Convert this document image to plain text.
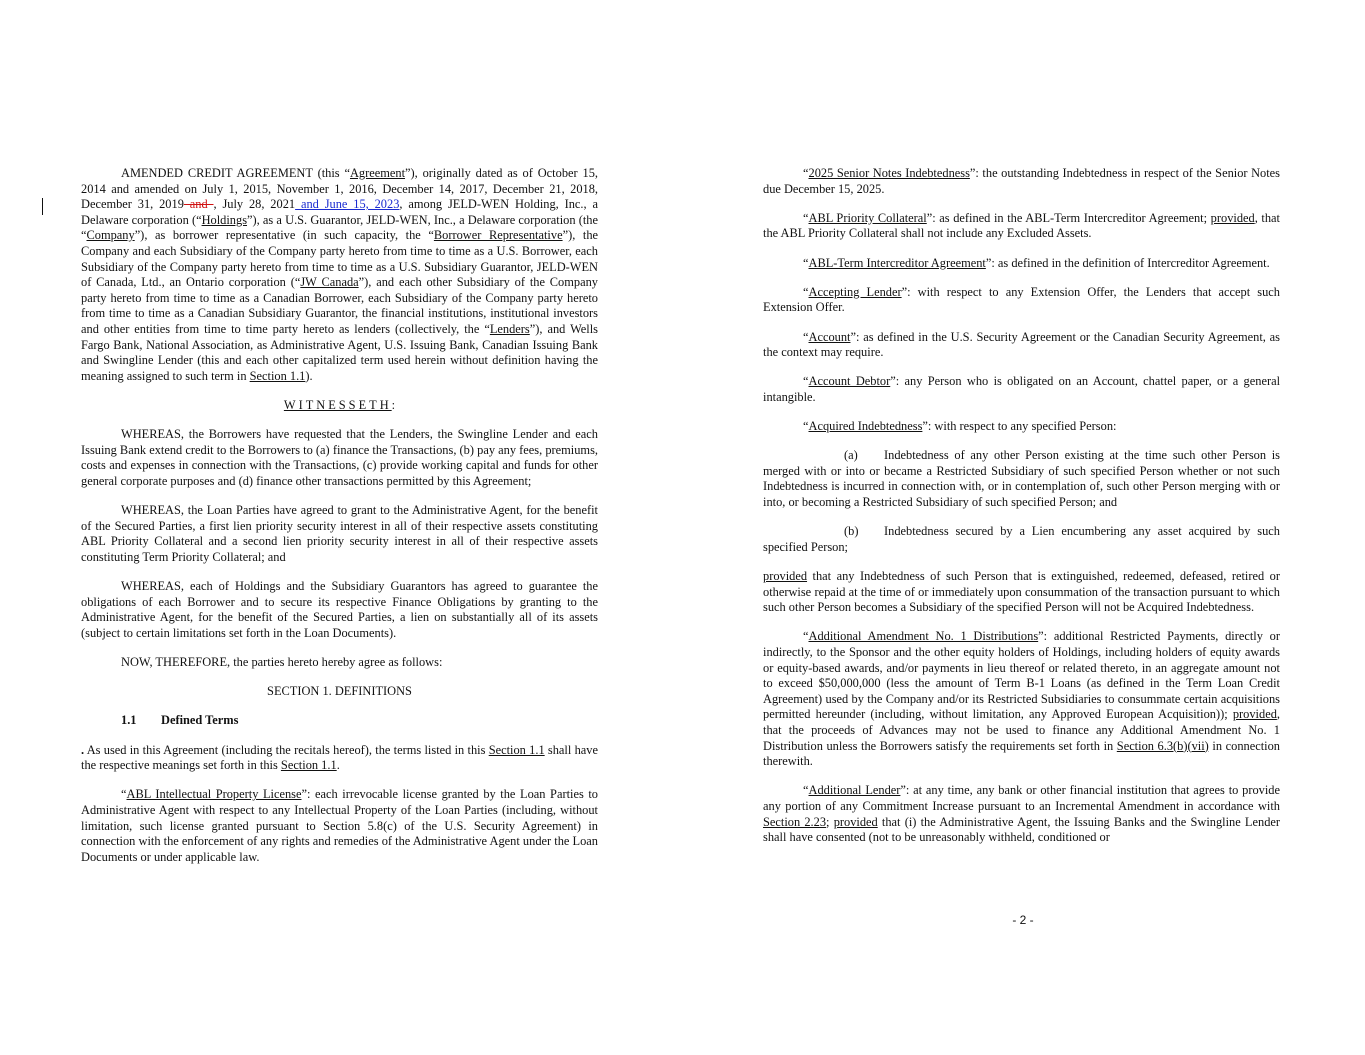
AMENDED CREDIT AGREEMENT (this “Agreement”), originally dated as of October 15, 2014 and amended on July 1, 2015, November 1, 2016, December 14, 2017, December 21, 2018, December 31, 2019 and , July 28, 2021 and June 15, 2023, among JELD-WEN Holding, Inc., a Delaware corporation (“Holdings”), as a U.S. Guarantor, JELD-WEN, Inc., a Delaware corporation (the “Company”), as borrower representative (in such capacity, the “Borrower Representative”), the Company and each Subsidiary of the Company party hereto from time to time as a U.S. Borrower, each Subsidiary of the Company party hereto from time to time as a U.S. Subsidiary Guarantor, JELD-WEN of Canada, Ltd., an Ontario corporation (“JW Canada”), and each other Subsidiary of the Company party hereto from time to time as a Canadian Borrower, each Subsidiary of the Company party hereto from time to time as a Canadian Subsidiary Guarantor, the financial institutions, institutional investors and other entities from time to time party hereto as lenders (collectively, the “Lenders”), and Wells Fargo Bank, National Association, as Administrative Agent, U.S. Issuing Bank, Canadian Issuing Bank and Swingline Lender (this and each other capitalized term used herein without definition having the meaning assigned to such term in Section 1.1).

WITNESSETH:

WHEREAS, the Borrowers have requested that the Lenders, the Swingline Lender and each Issuing Bank extend credit to the Borrowers to (a) finance the Transactions, (b) pay any fees, premiums, costs and expenses in connection with the Transactions, (c) provide working capital and funds for other general corporate purposes and (d) finance other transactions permitted by this Agreement;

WHEREAS, the Loan Parties have agreed to grant to the Administrative Agent, for the benefit of the Secured Parties, a first lien priority security interest in all of their respective assets constituting ABL Priority Collateral and a second lien priority security interest in all of their respective assets constituting Term Priority Collateral; and

WHEREAS, each of Holdings and the Subsidiary Guarantors has agreed to guarantee the obligations of each Borrower and to secure its respective Finance Obligations by granting to the Administrative Agent, for the benefit of the Secured Parties, a lien on substantially all of its assets (subject to certain limitations set forth in the Loan Documents).

NOW, THEREFORE, the parties hereto hereby agree as follows:

SECTION 1. DEFINITIONS

1.1 Defined Terms

. As used in this Agreement (including the recitals hereof), the terms listed in this Section 1.1 shall have the respective meanings set forth in this Section 1.1.

“ABL Intellectual Property License”: each irrevocable license granted by the Loan Parties to Administrative Agent with respect to any Intellectual Property of the Loan Parties (including, without limitation, such license granted pursuant to Section 5.8(c) of the U.S. Security Agreement) in connection with the enforcement of any rights and remedies of the Administrative Agent under the Loan Documents or under applicable law.

“2025 Senior Notes Indebtedness”: the outstanding Indebtedness in respect of the Senior Notes due December 15, 2025.

“ABL Priority Collateral”: as defined in the ABL-Term Intercreditor Agreement; provided, that the ABL Priority Collateral shall not include any Excluded Assets.

“ABL-Term Intercreditor Agreement”: as defined in the definition of Intercreditor Agreement.

“Accepting Lender”: with respect to any Extension Offer, the Lenders that accept such Extension Offer.

“Account”: as defined in the U.S. Security Agreement or the Canadian Security Agreement, as the context may require.

“Account Debtor”: any Person who is obligated on an Account, chattel paper, or a general intangible.

“Acquired Indebtedness”: with respect to any specified Person:

(a) Indebtedness of any other Person existing at the time such other Person is merged with or into or became a Restricted Subsidiary of such specified Person whether or not such Indebtedness is incurred in connection with, or in contemplation of, such other Person merging with or into, or becoming a Restricted Subsidiary of such specified Person; and

(b) Indebtedness secured by a Lien encumbering any asset acquired by such specified Person;

provided that any Indebtedness of such Person that is extinguished, redeemed, defeased, retired or otherwise repaid at the time of or immediately upon consummation of the transaction pursuant to which such other Person becomes a Subsidiary of the specified Person will not be Acquired Indebtedness.

“Additional Amendment No. 1 Distributions”: additional Restricted Payments, directly or indirectly, to the Sponsor and the other equity holders of Holdings, including holders of equity awards or equity-based awards, and/or payments in lieu thereof or related thereto, in an aggregate amount not to exceed $50,000,000 (less the amount of Term B-1 Loans (as defined in the Term Loan Credit Agreement) used by the Company and/or its Restricted Subsidiaries to consummate certain acquisitions permitted hereunder (including, without limitation, any Approved European Acquisition)); provided, that the proceeds of Advances may not be used to finance any Additional Amendment No. 1 Distribution unless the Borrowers satisfy the requirements set forth in Section 6.3(b)(vii) in connection therewith.

“Additional Lender”: at any time, any bank or other financial institution that agrees to provide any portion of any Commitment Increase pursuant to an Incremental Amendment in accordance with Section 2.23; provided that (i) the Administrative Agent, the Issuing Banks and the Swingline Lender shall have consented (not to be unreasonably withheld, conditioned or

- 2 -
